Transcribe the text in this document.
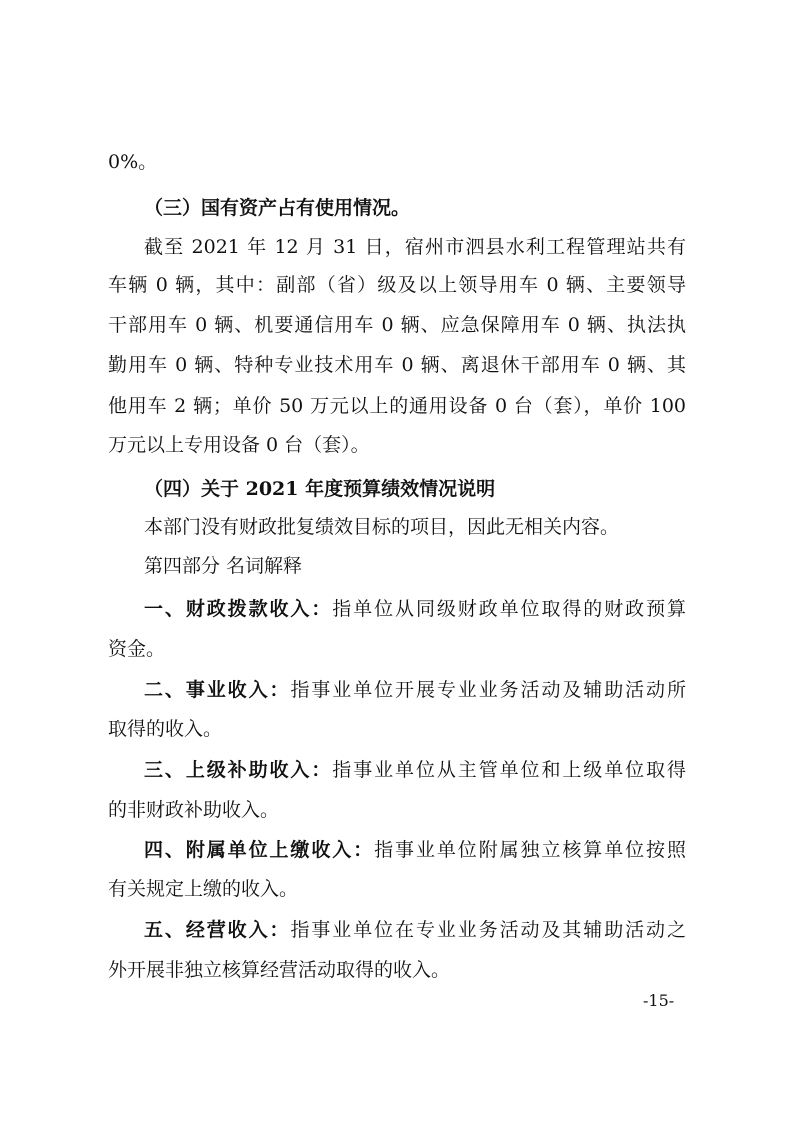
0%。
（三）国有资产占有使用情况。
截至 2021 年 12 月 31 日，宿州市泗县水利工程管理站共有
车辆 0 辆，其中：副部（省）级及以上领导用车 0 辆、主要领导
干部用车 0 辆、机要通信用车 0 辆、应急保障用车 0 辆、执法执
勤用车 0 辆、特种专业技术用车 0 辆、离退休干部用车 0 辆、其
他用车 2 辆；单价 50 万元以上的通用设备 0 台（套），单价 100
万元以上专用设备 0 台（套）。
（四）关于 2021 年度预算绩效情况说明
本部门没有财政批复绩效目标的项目，因此无相关内容。
第四部分 名词解释
一、财政拨款收入：指单位从同级财政单位取得的财政预算
资金。
二、事业收入：指事业单位开展专业业务活动及辅助活动所
取得的收入。
三、上级补助收入：指事业单位从主管单位和上级单位取得
的非财政补助收入。
四、附属单位上缴收入：指事业单位附属独立核算单位按照
有关规定上缴的收入。
五、经营收入：指事业单位在专业业务活动及其辅助活动之
外开展非独立核算经营活动取得的收入。
-15-
